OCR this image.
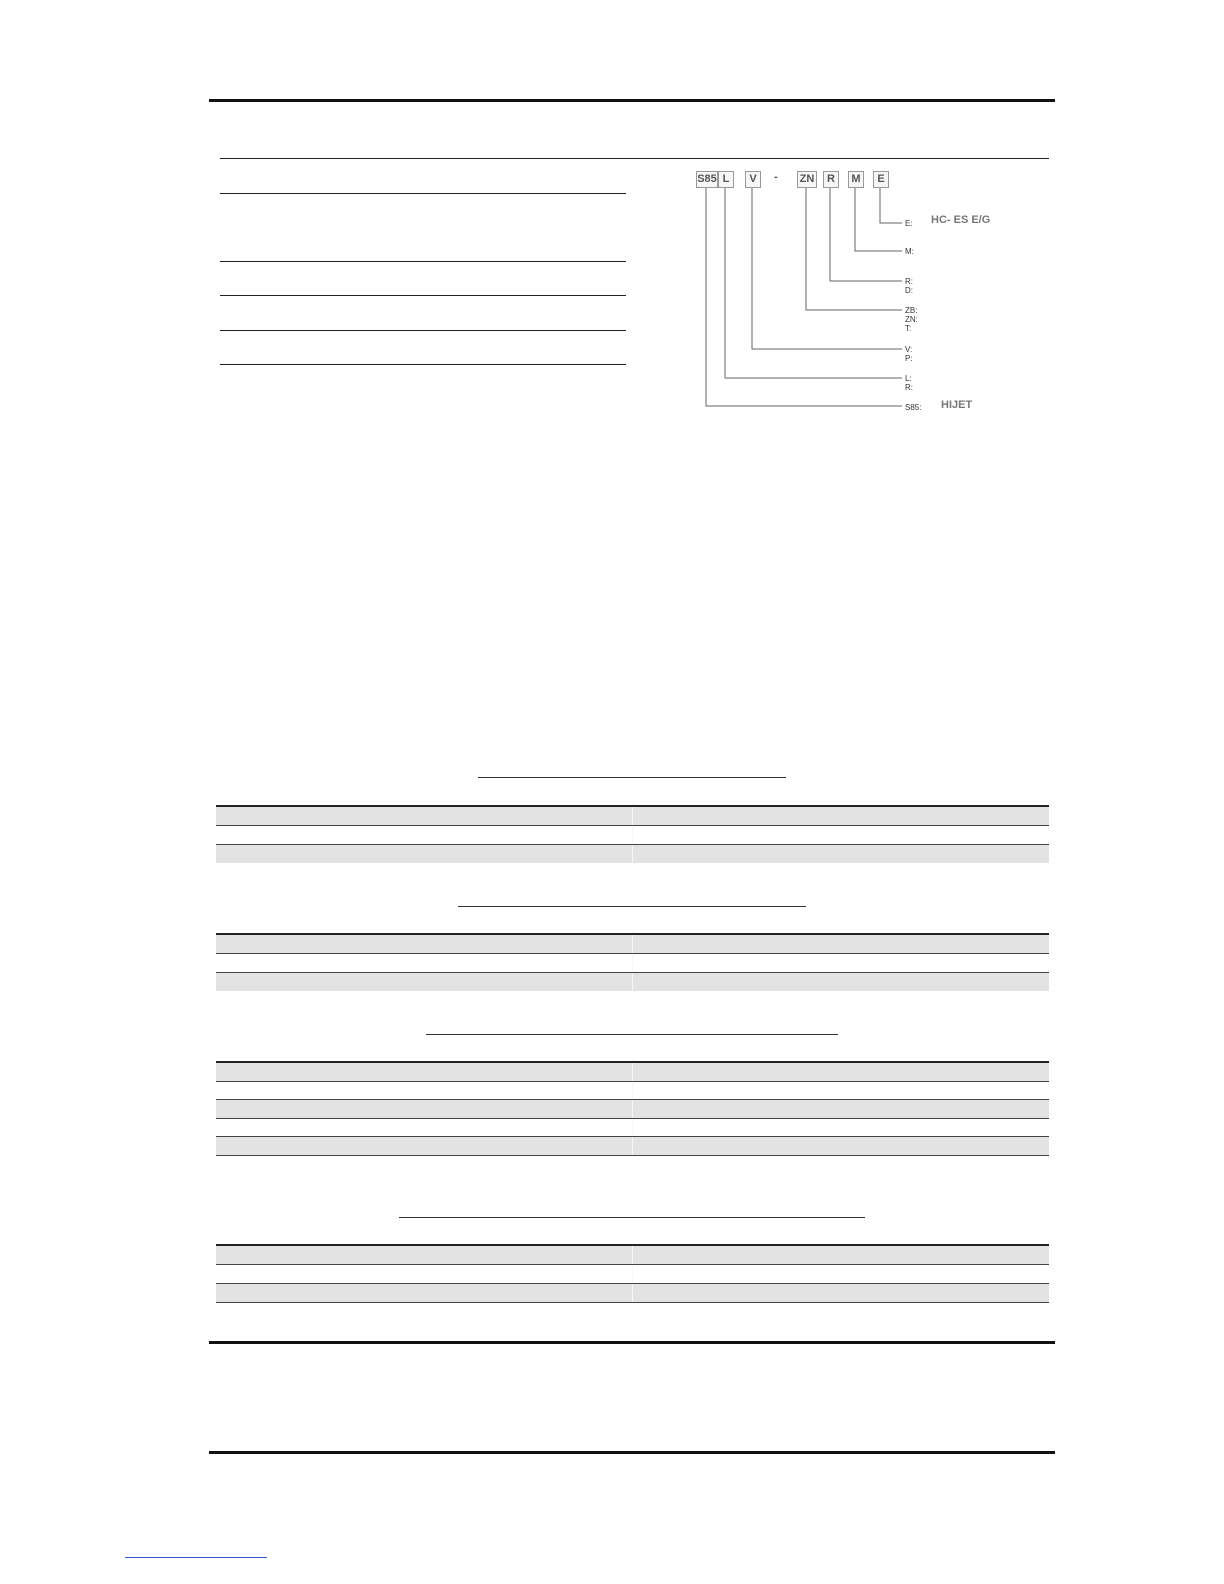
S85 L	V	- ZN	R	M	E
E:
M:
R:
D:
ZB:
ZN:
T:
V:
P:
L:
R:
S85:
HC- ES E/G
HIJET
